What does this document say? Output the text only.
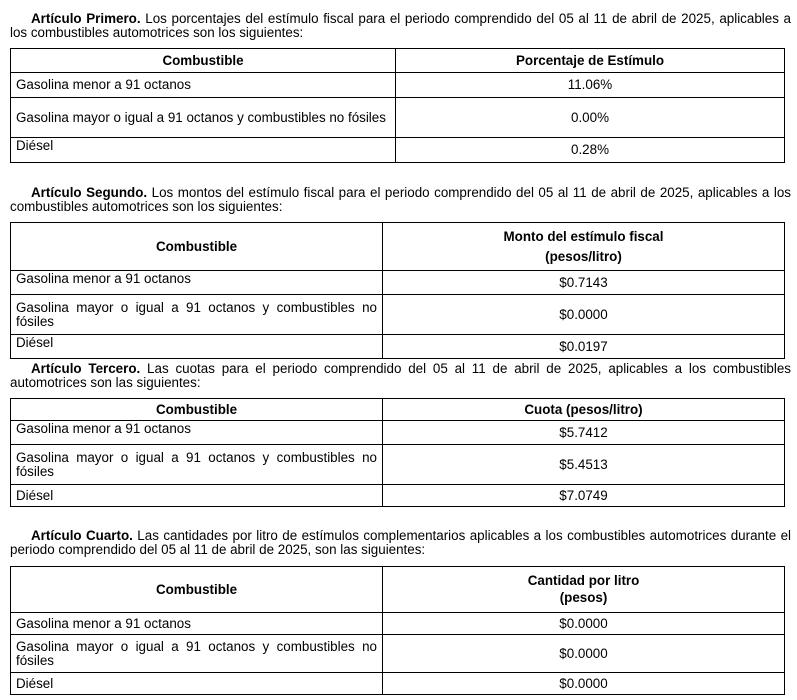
Artículo Primero. Los porcentajes del estímulo fiscal para el periodo comprendido del 05 al 11 de abril de 2025, aplicables a los combustibles automotrices son los siguientes:

Combustible	Porcentaje de Estímulo
Gasolina menor a 91 octanos	11.06%
Gasolina mayor o igual a 91 octanos y combustibles no fósiles	0.00%
Diésel	0.28%

Artículo Segundo. Los montos del estímulo fiscal para el periodo comprendido del 05 al 11 de abril de 2025, aplicables a los combustibles automotrices son los siguientes:

Combustible	Monto del estímulo fiscal
(pesos/litro)

Gasolina menor a 91 octanos	$0.7143
Gasolina mayor o igual a 91 octanos y combustibles no fósiles	$0.0000
Diésel	$0.0197

Artículo Tercero. Las cuotas para el periodo comprendido del 05 al 11 de abril de 2025, aplicables a los combustibles automotrices son las siguientes:

Combustible	Cuota (pesos/litro)
Gasolina menor a 91 octanos	$5.7412
Gasolina mayor o igual a 91 octanos y combustibles no fósiles	$5.4513
Diésel	$7.0749

Artículo Cuarto. Las cantidades por litro de estímulos complementarios aplicables a los combustibles automotrices durante el periodo comprendido del 05 al 11 de abril de 2025, son las siguientes:

Combustible	Cantidad por litro
(pesos)

Gasolina menor a 91 octanos	$0.0000
Gasolina mayor o igual a 91 octanos y combustibles no fósiles	$0.0000
Diésel	$0.0000
